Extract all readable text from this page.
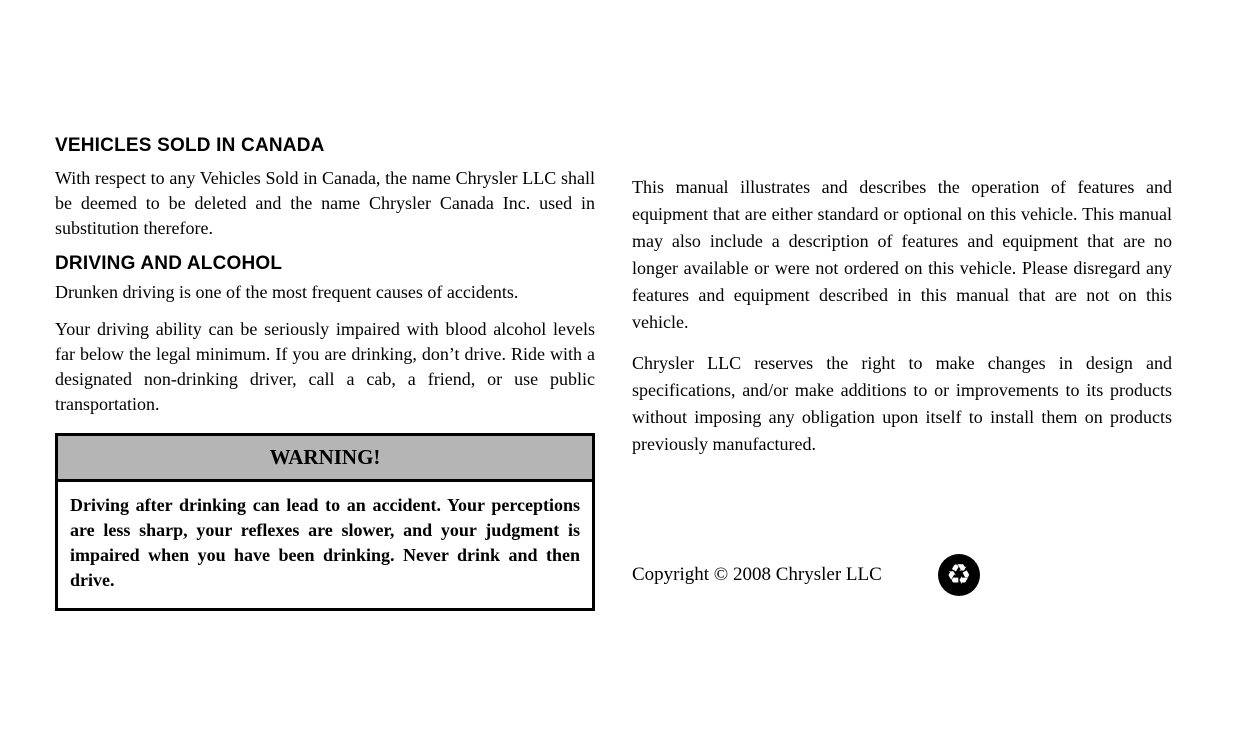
VEHICLES SOLD IN CANADA

With respect to any Vehicles Sold in Canada, the name Chrysler LLC shall be deemed to be deleted and the name Chrysler Canada Inc. used in substitution therefore.

DRIVING AND ALCOHOL

Drunken driving is one of the most frequent causes of accidents.

Your driving ability can be seriously impaired with blood alcohol levels far below the legal minimum. If you are drinking, don’t drive. Ride with a designated non-drinking driver, call a cab, a friend, or use public transportation.

WARNING!
Driving after drinking can lead to an accident. Your perceptions are less sharp, your reflexes are slower, and your judgment is impaired when you have been drinking. Never drink and then drive.

This manual illustrates and describes the operation of features and equipment that are either standard or optional on this vehicle. This manual may also include a description of features and equipment that are no longer available or were not ordered on this vehicle. Please disregard any features and equipment described in this manual that are not on this vehicle.

Chrysler LLC reserves the right to make changes in design and specifications, and/or make additions to or improvements to its products without imposing any obligation upon itself to install them on products previously manufactured.

Copyright © 2008 Chrysler LLC ♻
